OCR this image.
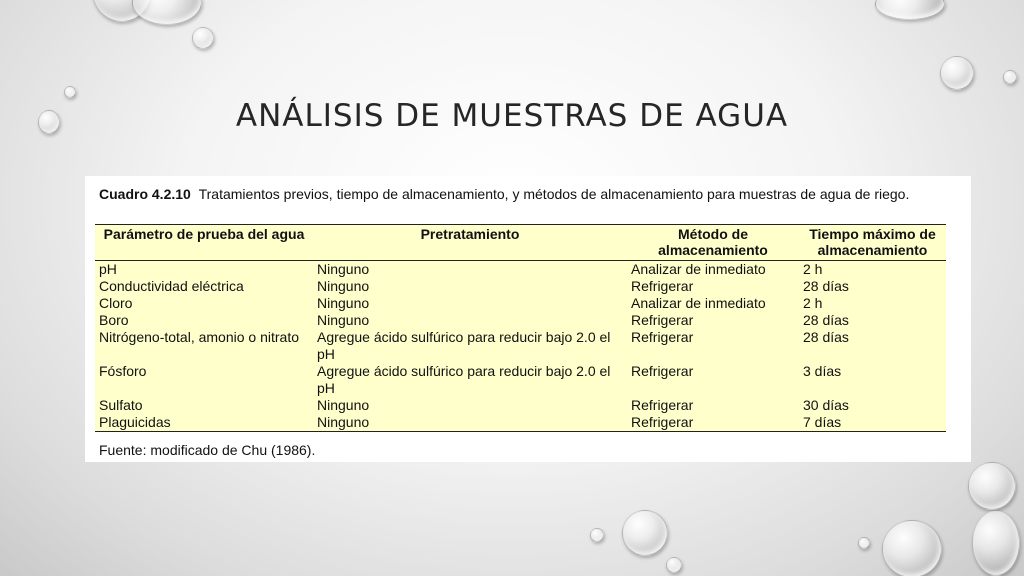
ANÁLISIS DE MUESTRAS DE AGUA
Cuadro 4.2.10 Tratamientos previos, tiempo de almacenamiento, y métodos de almacenamiento para muestras de agua de riego.
Parámetro de prueba del agua	Pretratamiento	Método de almacenamiento	Tiempo máximo de almacenamiento
pH	Ninguno	Analizar de inmediato	2 h
Conductividad eléctrica	Ninguno	Refrigerar	28 días
Cloro	Ninguno	Analizar de inmediato	2 h
Boro	Ninguno	Refrigerar	28 días
Nitrógeno-total, amonio o nitrato	Agregue ácido sulfúrico para reducir bajo 2.0 el pH	Refrigerar	28 días
Fósforo	Agregue ácido sulfúrico para reducir bajo 2.0 el pH	Refrigerar	3 días
Sulfato	Ninguno	Refrigerar	30 días
Plaguicidas	Ninguno	Refrigerar	7 días
Fuente: modificado de Chu (1986).
